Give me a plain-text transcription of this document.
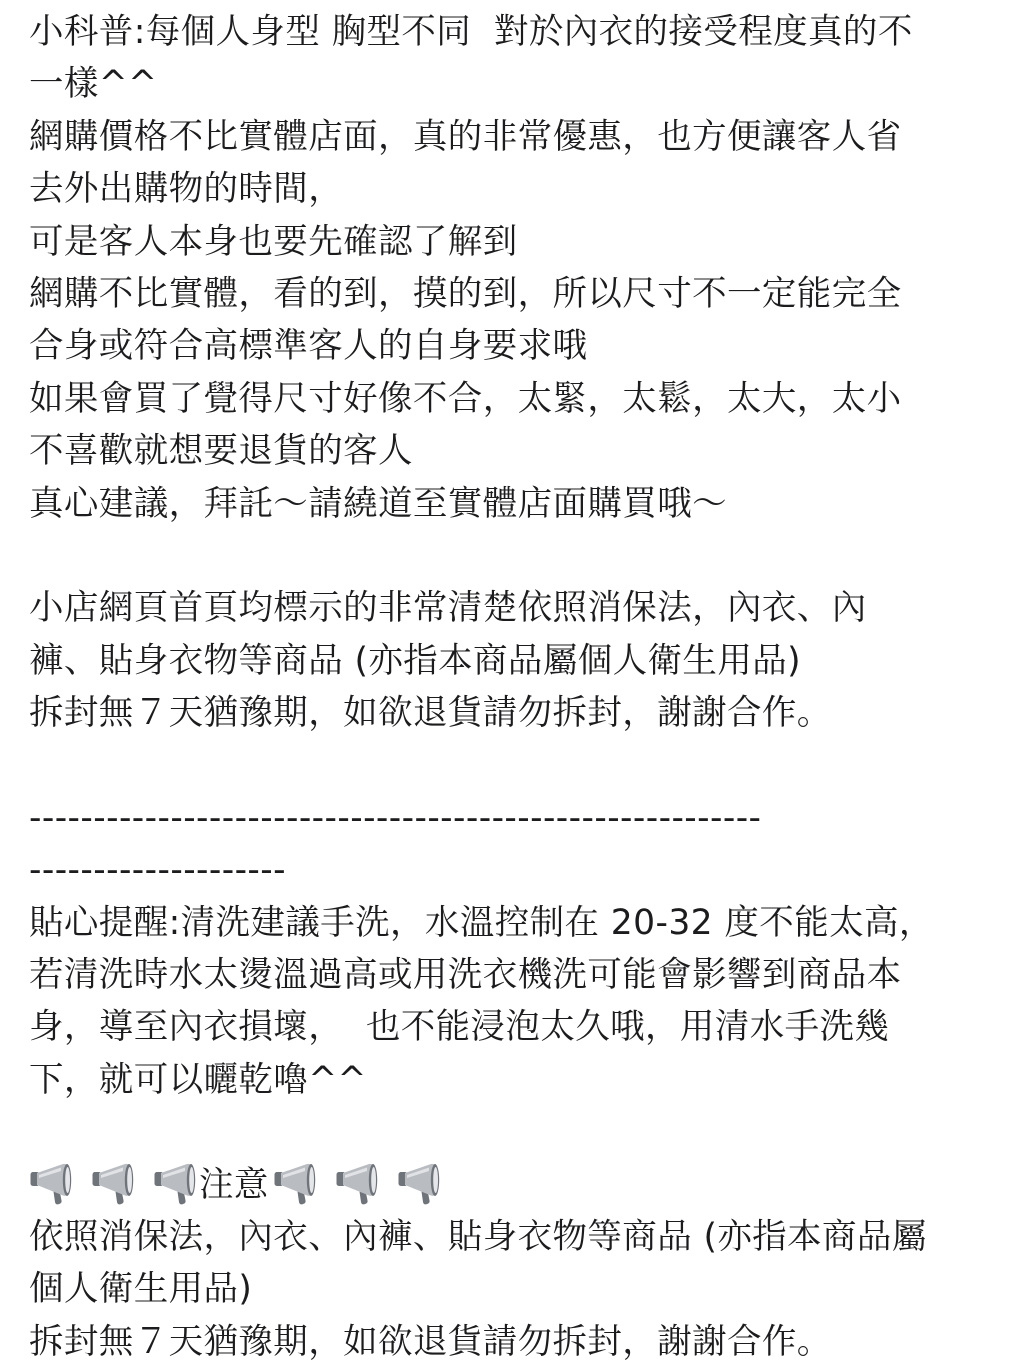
小科普:每個人身型 胸型不同  對於內衣的接受程度真的不
一樣^^
網購價格不比實體店面，真的非常優惠，也方便讓客人省
去外出購物的時間，
可是客人本身也要先確認了解到
網購不比實體，看的到，摸的到，所以尺寸不一定能完全
合身或符合高標準客人的自身要求哦
如果會買了覺得尺寸好像不合，太緊，太鬆，太大，太小
不喜歡就想要退貨的客人
真心建議，拜託～請繞道至實體店面購買哦～
小店網頁首頁均標示的非常清楚依照消保法，內衣、內
褲、貼身衣物等商品 (亦指本商品屬個人衛生用品)
拆封無７天猶豫期，如欲退貨請勿拆封，謝謝合作。
---------------------------------------------------------
--------------------
貼心提醒:清洗建議手洗，水溫控制在 20-32 度不能太高，
若清洗時水太燙溫過高或用洗衣機洗可能會影響到商品本
身，導至內衣損壞，  也不能浸泡太久哦，用清水手洗幾
下，就可以曬乾嚕^^
注意
依照消保法，內衣、內褲、貼身衣物等商品 (亦指本商品屬
個人衛生用品)
拆封無７天猶豫期，如欲退貨請勿拆封，謝謝合作。
